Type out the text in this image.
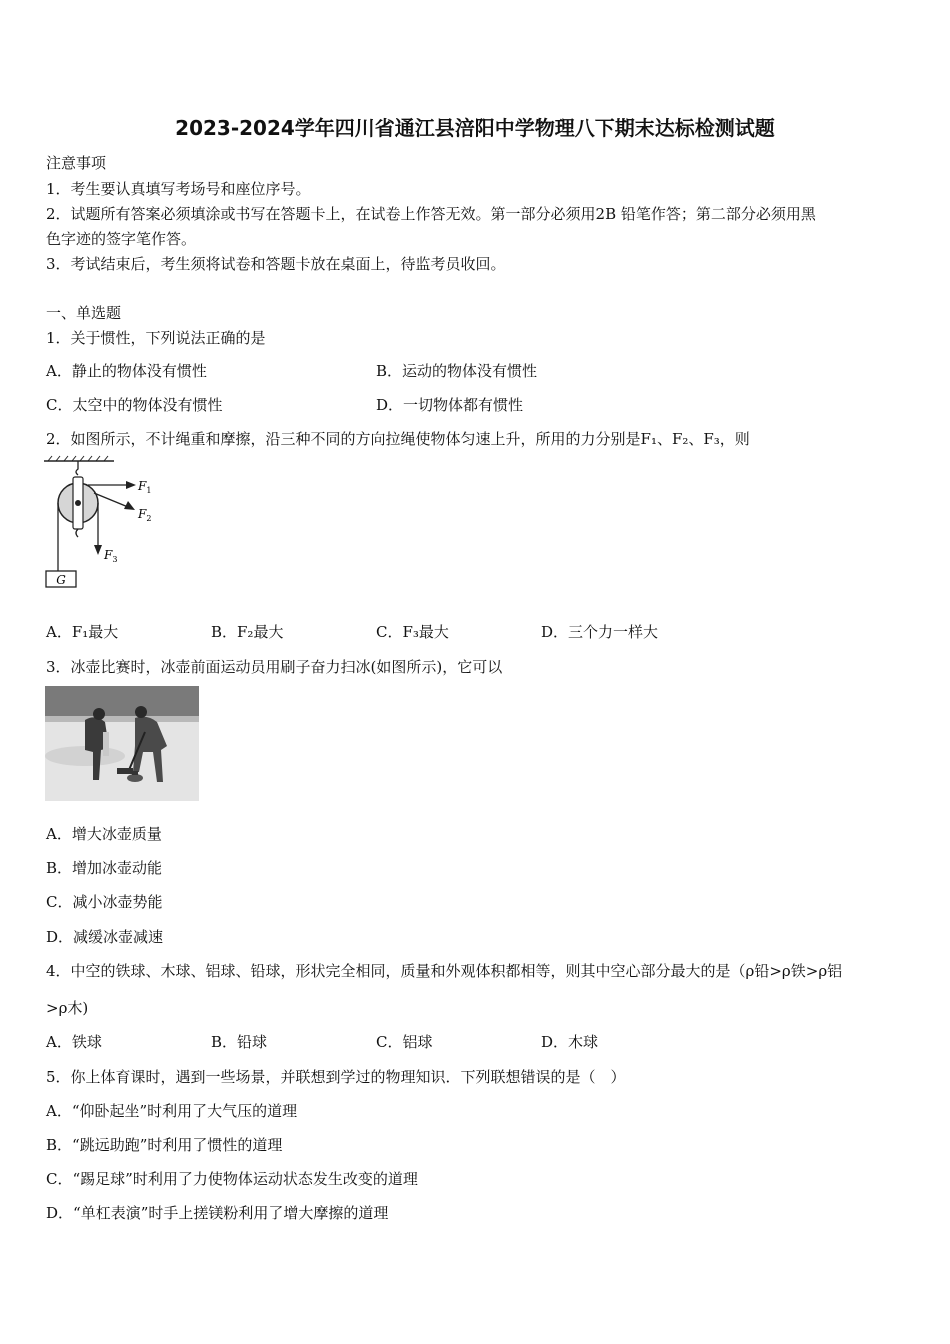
2023-2024学年四川省通江县涪阳中学物理八下期末达标检测试题
注意事项
1．考生要认真填写考场号和座位序号。
2．试题所有答案必须填涂或书写在答题卡上，在试卷上作答无效。第一部分必须用2B 铅笔作答；第二部分必须用黑
色字迹的签字笔作答。
3．考试结束后，考生须将试卷和答题卡放在桌面上，待监考员收回。
一、单选题
1．关于惯性，下列说法正确的是
A．静止的物体没有惯性	B．运动的物体没有惯性
C．太空中的物体没有惯性	D．一切物体都有惯性
2．如图所示，不计绳重和摩擦，沿三种不同的方向拉绳使物体匀速上升，所用的力分别是F₁、F₂、F₃，则
G
$F_1$
$F_2$
$F_3$
A．F₁最大	B．F₂最大	C．F₃最大	D．三个力一样大
3．冰壶比赛时，冰壶前面运动员用刷子奋力扫冰(如图所示)，它可以
A．增大冰壶质量
B．增加冰壶动能
C．减小冰壶势能
D．减缓冰壶减速
4．中空的铁球、木球、铝球、铅球，形状完全相同，质量和外观体积都相等，则其中空心部分最大的是（ρ铅>ρ铁>ρ铝
>ρ木)
A．铁球	B．铅球	C．铝球	D．木球
5．你上体育课时，遇到一些场景，并联想到学过的物理知识．下列联想错误的是（　）
A．“仰卧起坐”时利用了大气压的道理
B．“跳远助跑”时利用了惯性的道理
C．“踢足球”时利用了力使物体运动状态发生改变的道理
D．“单杠表演”时手上搓镁粉利用了增大摩擦的道理
